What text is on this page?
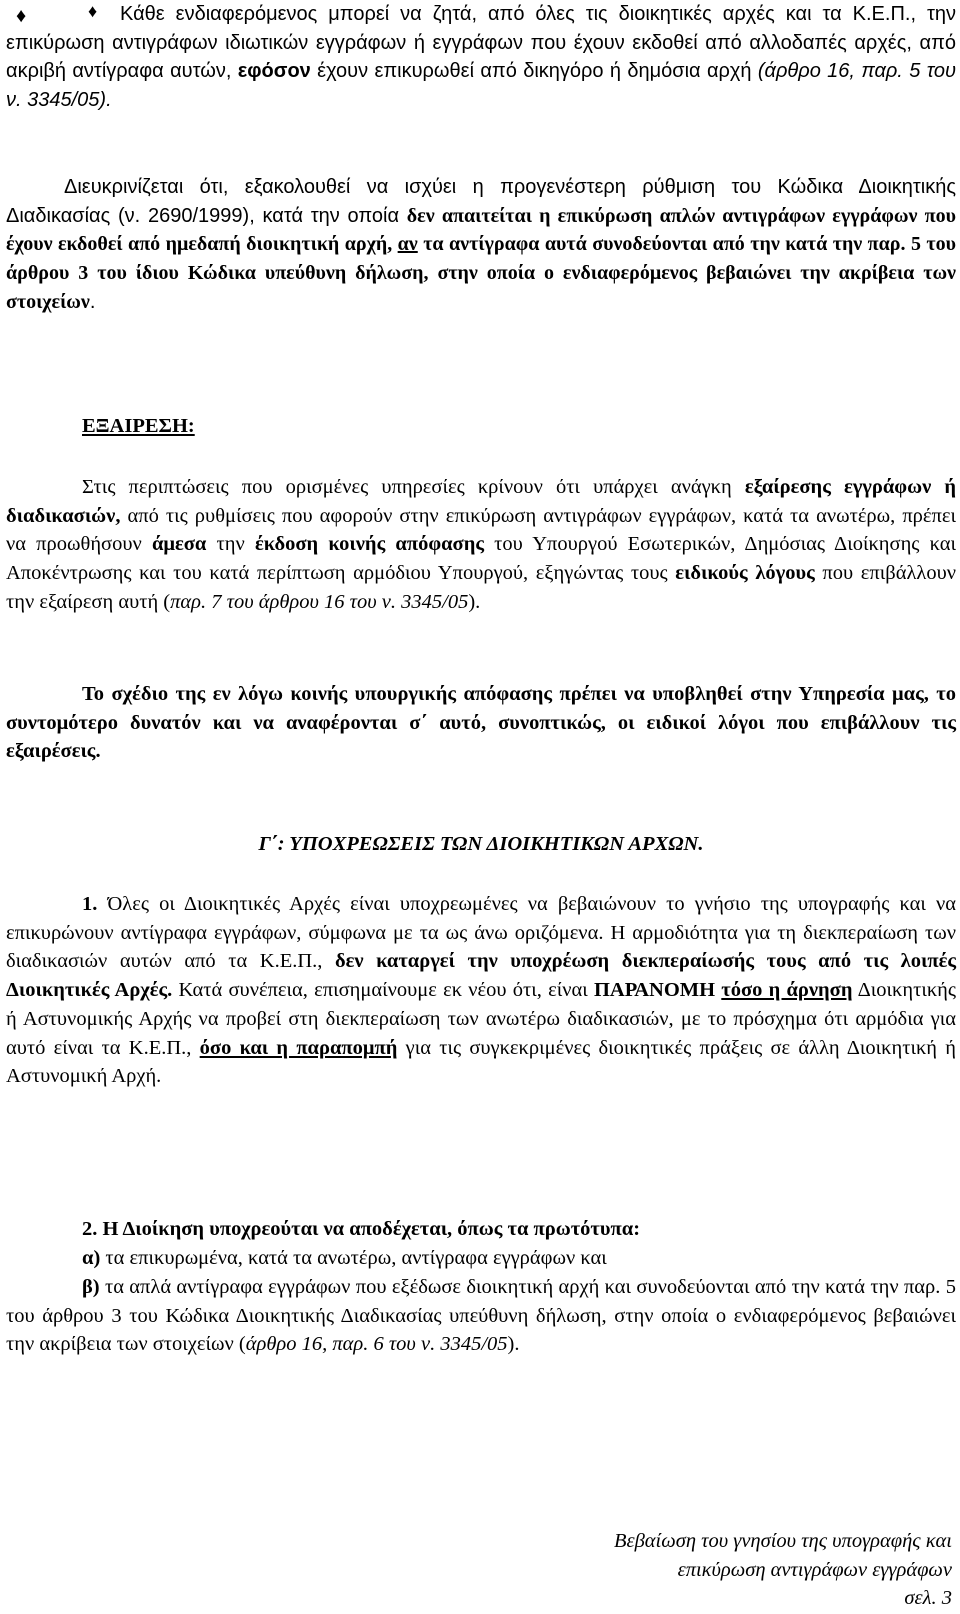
♦	Κάθε ενδιαφερόμενος μπορεί να ζητά, από όλες τις διοικητικές αρχές και τα Κ.Ε.Π., την επικύρωση αντιγράφων ιδιωτικών εγγράφων ή εγγράφων που έχουν εκδοθεί από αλλοδαπές αρχές, από ακριβή αντίγραφα αυτών, εφόσον έχουν επικυρωθεί από δικηγόρο ή δημόσια αρχή (άρθρο 16, παρ. 5 του ν. 3345/05).
♦
Διευκρινίζεται ότι, εξακολουθεί να ισχύει η προγενέστερη ρύθμιση του Κώδικα Διοικητικής Διαδικασίας (ν. 2690/1999), κατά την οποία δεν απαιτείται η επικύρωση απλών αντιγράφων εγγράφων που έχουν εκδοθεί από ημεδαπή διοικητική αρχή, αν τα αντίγραφα αυτά συνοδεύονται από την κατά την παρ. 5 του άρθρου 3 του ίδιου Κώδικα υπεύθυνη δήλωση, στην οποία ο ενδιαφερόμενος βεβαιώνει την ακρίβεια των στοιχείων.
ΕΞΑΙΡΕΣΗ:
Στις περιπτώσεις που ορισμένες υπηρεσίες κρίνουν ότι υπάρχει ανάγκη εξαίρεσης εγγράφων ή διαδικασιών, από τις ρυθμίσεις που αφορούν στην επικύρωση αντιγράφων εγγράφων, κατά τα ανωτέρω, πρέπει να προωθήσουν άμεσα την έκδοση κοινής απόφασης του Υπουργού Εσωτερικών, Δημόσιας Διοίκησης και Αποκέντρωσης και του κατά περίπτωση αρμόδιου Υπουργού, εξηγώντας τους ειδικούς λόγους που επιβάλλουν την εξαίρεση αυτή (παρ. 7 του άρθρου 16 του ν. 3345/05).
Το σχέδιο της εν λόγω κοινής υπουργικής απόφασης πρέπει να υποβληθεί στην Υπηρεσία μας, το συντομότερο δυνατόν και να αναφέρονται σ΄ αυτό, συνοπτικώς, οι ειδικοί λόγοι που επιβάλλουν τις εξαιρέσεις.
Γ΄: ΥΠΟΧΡΕΩΣΕΙΣ ΤΩΝ ΔΙΟΙΚΗΤΙΚΩΝ ΑΡΧΩΝ.
1. Όλες οι Διοικητικές Αρχές είναι υποχρεωμένες να βεβαιώνουν το γνήσιο της υπογραφής και να επικυρώνουν αντίγραφα εγγράφων, σύμφωνα με τα ως άνω οριζόμενα. Η αρμοδιότητα για τη διεκπεραίωση των διαδικασιών αυτών από τα Κ.Ε.Π., δεν καταργεί την υποχρέωση διεκπεραίωσής τους από τις λοιπές Διοικητικές Αρχές. Κατά συνέπεια, επισημαίνουμε εκ νέου ότι, είναι ΠΑΡΑΝΟΜΗ τόσο η άρνηση Διοικητικής ή Αστυνομικής Αρχής να προβεί στη διεκπεραίωση των ανωτέρω διαδικασιών, με το πρόσχημα ότι αρμόδια για αυτό είναι τα Κ.Ε.Π., όσο και η παραπομπή για τις συγκεκριμένες διοικητικές πράξεις σε άλλη Διοικητική ή Αστυνομική Αρχή.
2. Η Διοίκηση υποχρεούται να αποδέχεται, όπως τα πρωτότυπα:
α) τα επικυρωμένα, κατά τα ανωτέρω, αντίγραφα εγγράφων και
β) τα απλά αντίγραφα εγγράφων που εξέδωσε διοικητική αρχή και συνοδεύονται από την κατά την παρ. 5 του άρθρου 3 του Κώδικα Διοικητικής Διαδικασίας υπεύθυνη δήλωση, στην οποία ο ενδιαφερόμενος βεβαιώνει την ακρίβεια των στοιχείων (άρθρο 16, παρ. 6 του ν. 3345/05).
Βεβαίωση του γνησίου της υπογραφής και
επικύρωση αντιγράφων εγγράφων
σελ. 3
